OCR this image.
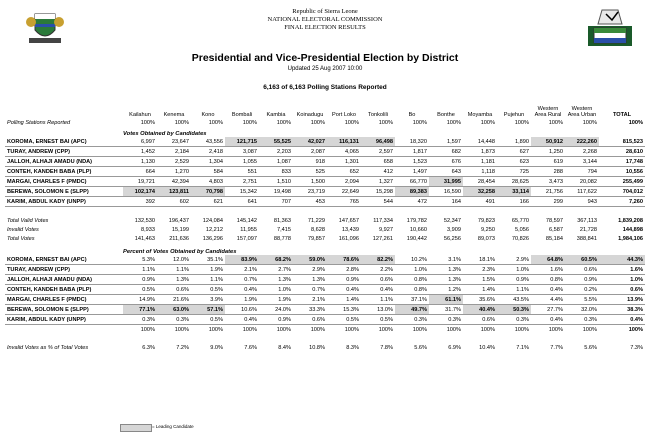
Republic of Sierra Leone
NATIONAL ELECTORAL COMMISSION
FINAL ELECTION RESULTS
Presidential and Vice-Presidential Election by District
Updated 25 Aug 2007 10:00
6,163 of 6,163 Polling Stations Reported
	Kailahun	Kenema	Kono	Bombali	Kambia	Koinadugu	Port Loko	Tonkolili	Bo	Bonthe	Moyamba	Pujehun	Western Area Rural	Western Area Urban	TOTAL
Polling Stations Reported	100%	100%	100%	100%	100%	100%	100%	100%	100%	100%	100%	100%	100%	100%	100%
Votes Obtained by Candidates															
KOROMA, ERNEST BAI (APC)	6,997	23,647	43,556	121,715	55,525	42,027	116,131	96,498	18,320	1,597	14,448	1,890	50,912	222,260	815,523
TURAY, ANDREW (CPP)	1,452	2,184	2,418	3,087	2,203	2,087	4,065	2,597	1,817	682	1,873	627	1,250	2,268	28,610
JALLOH, ALHAJI AMADU (NDA)	1,130	2,529	1,304	1,055	1,087	918	1,301	658	1,523	676	1,181	623	619	3,144	17,748
CONTEH, KANDEH BABA (PLP)	664	1,270	584	551	833	525	652	412	1,497	643	1,118	725	288	794	10,556
MARGAI, CHARLES F (PMDC)	19,721	42,394	4,803	2,751	1,510	1,500	2,094	1,327	66,770	31,995	28,454	28,625	3,473	20,082	255,499
BEREWA, SOLOMON E (SLPP)	102,174	123,811	70,798	15,342	19,498	23,719	22,649	15,298	89,383	16,590	32,258	33,114	21,756	117,622	704,012
KARIM, ABDUL KADY (UNPP)	392	602	621	641	707	453	765	544	472	164	491	166	299	943	7,260

Total Valid Votes	132,530	196,437	124,084	145,142	81,363	71,229	147,657	117,334	179,782	52,347	79,823	65,770	78,597	367,113	1,839,208
Invalid Votes	8,933	15,199	12,212	11,955	7,415	8,628	13,439	9,927	10,660	3,909	9,250	5,056	6,587	21,728	144,898
Total Votes	141,463	211,636	136,296	157,097	88,778	79,857	161,096	127,261	190,442	56,256	89,073	70,826	85,184	388,841	1,984,106
Percent of Votes Obtained by Candidates															
KOROMA, ERNEST BAI (APC)	5.3%	12.0%	35.1%	83.9%	68.2%	59.0%	78.6%	82.2%	10.2%	3.1%	18.1%	2.9%	64.8%	60.5%	44.3%
TURAY, ANDREW (CPP)	1.1%	1.1%	1.9%	2.1%	2.7%	2.9%	2.8%	2.2%	1.0%	1.3%	2.3%	1.0%	1.6%	0.6%	1.6%
JALLOH, ALHAJI AMADU (NDA)	0.9%	1.3%	1.1%	0.7%	1.3%	1.3%	0.9%	0.6%	0.8%	1.3%	1.5%	0.9%	0.8%	0.9%	1.0%
CONTEH, KANDEH BABA (PLP)	0.5%	0.6%	0.5%	0.4%	1.0%	0.7%	0.4%	0.4%	0.8%	1.2%	1.4%	1.1%	0.4%	0.2%	0.6%
MARGAI, CHARLES F (PMDC)	14.9%	21.6%	3.9%	1.9%	1.9%	2.1%	1.4%	1.1%	37.1%	61.1%	35.6%	43.5%	4.4%	5.5%	13.9%
BEREWA, SOLOMON E (SLPP)	77.1%	63.0%	57.1%	10.6%	24.0%	33.3%	15.3%	13.0%	49.7%	31.7%	40.4%	50.3%	27.7%	32.0%	38.3%
KARIM, ABDUL KADY (UNPP)	0.3%	0.3%	0.5%	0.4%	0.9%	0.6%	0.5%	0.5%	0.3%	0.3%	0.6%	0.3%	0.4%	0.3%	0.4%
	100%	100%	100%	100%	100%	100%	100%	100%	100%	100%	100%	100%	100%	100%	100%

Invalid Votes as % of Total Votes	6.3%	7.2%	9.0%	7.6%	8.4%	10.8%	8.3%	7.8%	5.6%	6.9%	10.4%	7.1%	7.7%	5.6%	7.3%
= Leading Candidate
